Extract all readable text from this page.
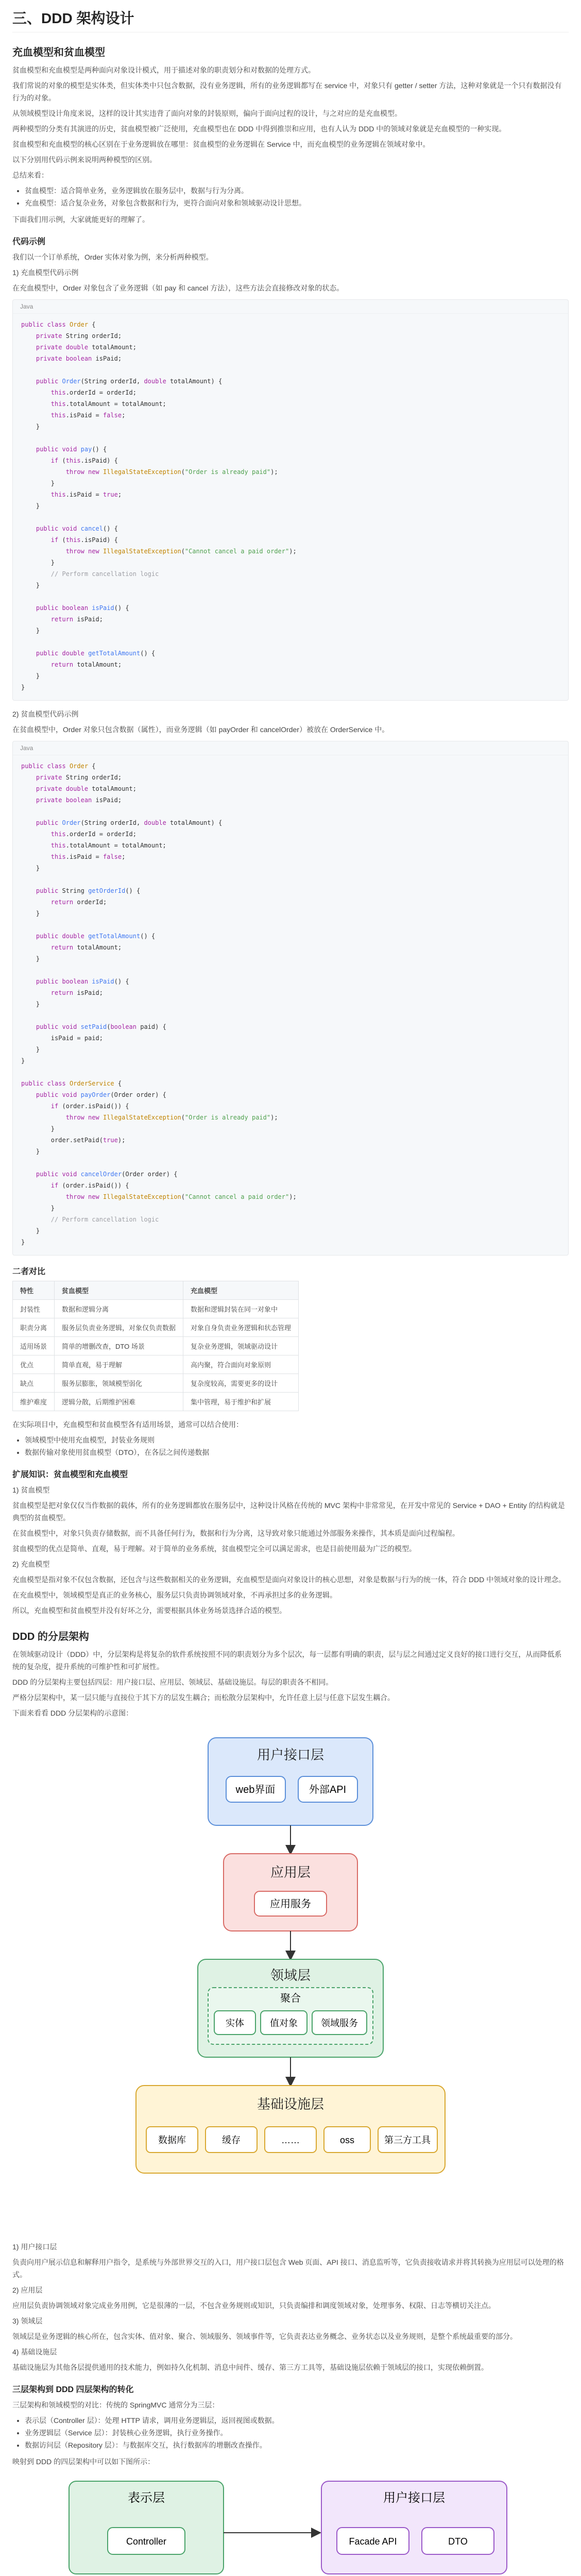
三、DDD 架构设计
充血模型和贫血模型

贫血模型和充血模型是两种面向对象设计模式，用于描述对象的职责划分和对数据的处理方式。

我们常说的对象的模型是实体类，但实体类中只包含数据，没有业务逻辑，所有的业务逻辑都写在 service 中，对象只有 getter / setter 方法，这种对象就是一个只有数据没有行为的对象。

从领域模型设计角度来说，这样的设计其实违背了面向对象的封装原则，偏向于面向过程的设计，与之对应的是充血模型。

两种模型的分类有其演进的历史，贫血模型被广泛使用，充血模型也在 DDD 中得到推崇和应用，也有人认为 DDD 中的领域对象就是充血模型的一种实现。

贫血模型和充血模型的核心区别在于业务逻辑放在哪里：贫血模型的业务逻辑在 Service 中，而充血模型的业务逻辑在领域对象中。

以下分别用代码示例来说明两种模型的区别。

总结来看：

• 贫血模型：适合简单业务，业务逻辑放在服务层中，数据与行为分离。
• 充血模型：适合复杂业务，对象包含数据和行为，更符合面向对象和领域驱动设计思想。

下面我们用示例，大家就能更好的理解了。

代码示例

我们以一个订单系统，Order 实体对象为例，来分析两种模型。

1) 充血模型代码示例

在充血模型中，Order 对象包含了业务逻辑（如 pay 和 cancel 方法），这些方法会直接修改对象的状态。

Java
public class Order {
private String orderId;
private double totalAmount;
private boolean isPaid;

public Order(String orderId, double totalAmount) {
this.orderId = orderId;
this.totalAmount = totalAmount;
this.isPaid = false;
}

public void pay() {
if (this.isPaid) {
throw new IllegalStateException("Order is already paid");
}
this.isPaid = true;
}

public void cancel() {
if (this.isPaid) {
throw new IllegalStateException("Cannot cancel a paid order");
}
// Perform cancellation logic
}

public boolean isPaid() {
return isPaid;
}

public double getTotalAmount() {
return totalAmount;
}
}

2) 贫血模型代码示例

在贫血模型中，Order 对象只包含数据（属性），而业务逻辑（如 payOrder 和 cancelOrder）被放在 OrderService 中。

Java
public class Order {
private String orderId;
private double totalAmount;
private boolean isPaid;

public Order(String orderId, double totalAmount) {
this.orderId = orderId;
this.totalAmount = totalAmount;
this.isPaid = false;
}

public String getOrderId() {
return orderId;
}

public double getTotalAmount() {
return totalAmount;
}

public boolean isPaid() {
return isPaid;
}

public void setPaid(boolean paid) {
isPaid = paid;
}
}

public class OrderService {
public void payOrder(Order order) {
if (order.isPaid()) {
throw new IllegalStateException("Order is already paid");
}
order.setPaid(true);
}

public void cancelOrder(Order order) {
if (order.isPaid()) {
throw new IllegalStateException("Cannot cancel a paid order");
}
// Perform cancellation logic
}
}
二者对比
特性	贫血模型	充血模型
封装性	数据和逻辑分离	数据和逻辑封装在同一对象中
职责分离	服务层负责业务逻辑，对象仅负责数据	对象自身负责业务逻辑和状态管理
适用场景	简单的增删改查，DTO 场景	复杂业务逻辑，领域驱动设计
优点	简单直观，易于理解	高内聚，符合面向对象原则
缺点	服务层膨胀，领域模型弱化	复杂度较高，需要更多的设计
维护难度	逻辑分散，后期维护困难	集中管理，易于维护和扩展

在实际项目中，充血模型和贫血模型各有适用场景，通常可以结合使用：

• 领域模型中使用充血模型，封装业务规则
• 数据传输对象使用贫血模型（DTO），在各层之间传递数据
扩展知识：贫血模型和充血模型

1) 贫血模型

贫血模型是把对象仅仅当作数据的载体，所有的业务逻辑都放在服务层中，这种设计风格在传统的 MVC 架构中非常常见，在开发中常见的 Service + DAO + Entity 的结构就是典型的贫血模型。

在贫血模型中，对象只负责存储数据，而不具备任何行为，数据和行为分离，这导致对象只能通过外部服务来操作，其本质是面向过程编程。

贫血模型的优点是简单、直观，易于理解。对于简单的业务系统，贫血模型完全可以满足需求，也是目前使用最为广泛的模型。

2) 充血模型

充血模型是指对象不仅包含数据，还包含与这些数据相关的业务逻辑，充血模型是面向对象设计的核心思想，对象是数据与行为的统一体，符合 DDD 中领域对象的设计理念。

在充血模型中，领域模型是真正的业务核心，服务层只负责协调领域对象，不再承担过多的业务逻辑。

所以，充血模型和贫血模型并没有好坏之分，需要根据具体业务场景选择合适的模型。

DDD 的分层架构

在领域驱动设计（DDD）中，分层架构是将复杂的软件系统按照不同的职责划分为多个层次，每一层都有明确的职责，层与层之间通过定义良好的接口进行交互，从而降低系统的复杂度，提升系统的可维护性和可扩展性。

DDD 的分层架构主要包括四层：用户接口层、应用层、领域层、基础设施层。每层的职责各不相同。

严格分层架构中，某一层只能与直接位于其下方的层发生耦合；而松散分层架构中，允许任意上层与任意下层发生耦合。

下面来看看 DDD 分层架构的示意图：

用户接口层
web界面	外部API
应用层
应用服务
领域层
聚合
实体	值对象	领域服务
基础设施层
数据库	缓存	……	oss	第三方工具

1) 用户接口层

负责向用户展示信息和解释用户指令，是系统与外部世界交互的入口，用户接口层包含 Web 页面、API 接口、消息监听等，它负责接收请求并将其转换为应用层可以处理的格式。

2) 应用层

应用层负责协调领域对象完成业务用例，它是很薄的一层，不包含业务规则或知识，只负责编排和调度领域对象，处理事务、权限、日志等横切关注点。

3) 领域层

领域层是业务逻辑的核心所在，包含实体、值对象、聚合、领域服务、领域事件等，它负责表达业务概念、业务状态以及业务规则，是整个系统最重要的部分。

4) 基础设施层

基础设施层为其他各层提供通用的技术能力，例如持久化机制、消息中间件、缓存、第三方工具等，基础设施层依赖于领域层的接口，实现依赖倒置。

三层架构到 DDD 四层架构的转化

三层架构和领域模型的对比：传统的 SpringMVC 通常分为三层：

• 表示层（Controller 层）：处理 HTTP 请求，调用业务逻辑层，返回视图或数据。
• 业务逻辑层（Service 层）：封装核心业务逻辑，执行业务操作。
• 数据访问层（Repository 层）：与数据库交互，执行数据库的增删改查操作。

映射到 DDD 的四层架构中可以如下图所示：

表示层
Controller
用户接口层
Facade API	DTO
